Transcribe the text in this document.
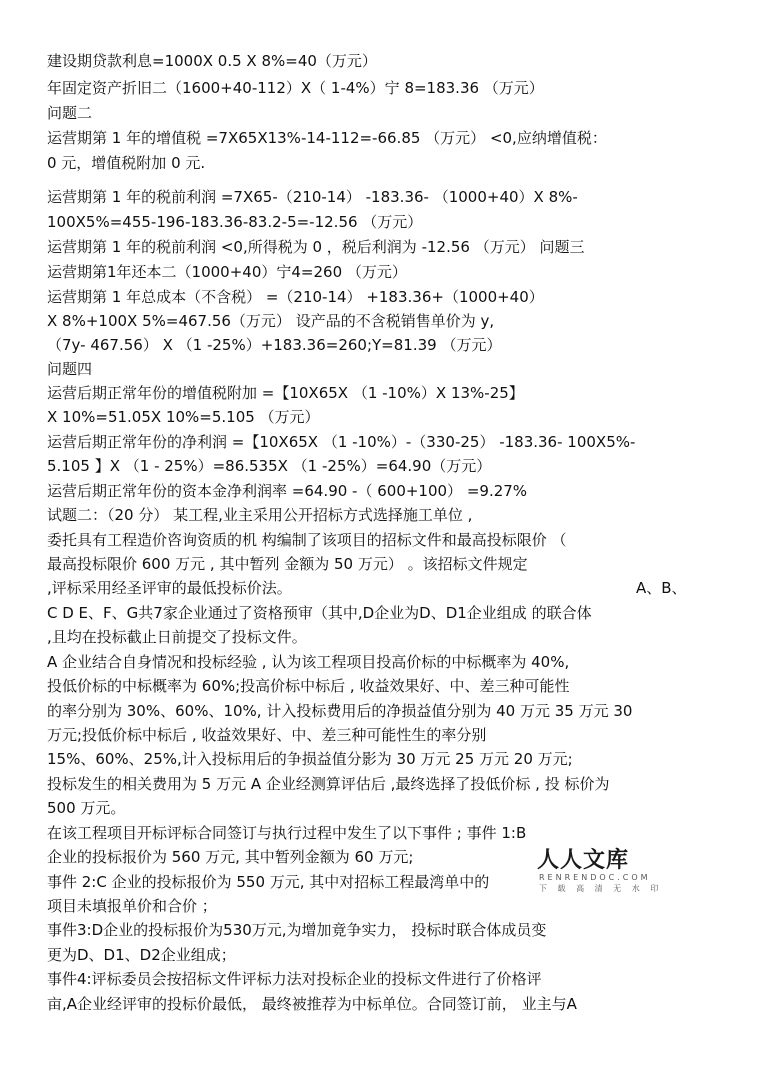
建设期贷款利息=1000X 0.5 X 8%=40（万元）
年固定资产折旧二（1600+40-112）X（ 1-4%）宁 8=183.36 （万元）
问题二
运营期第 1 年的增值税 =7X65X13%-14-112=-66.85 （万元） <0,应纳增值税：
0 元，增值税附加 0 元.
运营期第 1 年的税前利润 =7X65-（210-14） -183.36- （1000+40）X 8%-
100X5%=455-196-183.36-83.2-5=-12.56 （万元）
运营期第 1 年的税前利润 <0,所得税为 0 ，税后利润为 -12.56 （万元） 问题三
运营期第1年还本二（1000+40）宁4=260 （万元）
运营期第 1 年总成本（不含税） =（210-14） +183.36+（1000+40）
X 8%+100X 5%=467.56（万元） 设产品的不含税销售单价为 y,
（7y- 467.56） X （1 -25%）+183.36=260;Y=81.39 （万元）
问题四
运营后期正常年份的增值税附加 =【10X65X （1 -10%）X 13%-25】
X 10%=51.05X 10%=5.105 （万元）
运营后期正常年份的净利润 =【10X65X （1 -10%）-（330-25） -183.36- 100X5%-
5.105 】X （1 - 25%）=86.535X （1 -25%）=64.90（万元）
运营后期正常年份的资本金净利润率 =64.90 -（ 600+100） =9.27%
试题二：（20 分） 某工程,业主采用公开招标方式选择施工单位 ,
委托具有工程造价咨询资质的机 构编制了该项目的招标文件和最高投标限价 （
最高投标限价 600 万元 , 其中暂列 金额为 50 万元） 。该招标文件规定
,评标采用经圣评审的最低投标价法。	A、B、
C D E、F、G共7家企业通过了资格预审（其中,D企业为D、D1企业组成 的联合体
,且均在投标截止日前提交了投标文件。
A 企业结合自身情况和投标经验 , 认为该工程项目投高价标的中标概率为 40%,
投低价标的中标概率为 60%;投高价标中标后 , 收益效果好、中、差三种可能性
的率分别为 30%、60%、10%, 计入投标费用后的净损益值分别为 40 万元 35 万元 30
万元;投低价标中标后 , 收益效果好、中、差三种可能性生的率分别
15%、60%、25%,计入投标用后的争损益值分影为 30 万元 25 万元 20 万元;
投标发生的相关费用为 5 万元 A 企业经测算评估后 ,最终选择了投低价标 , 投 标价为
500 万元。
在该工程项目开标评标合同签订与执行过程中发生了以下事件 ; 事件 1:B
企业的投标报价为 560 万元, 其中暂列金额为 60 万元;
事件 2:C 企业的投标报价为 550 万元, 其中对招标工程最湾单中的
项目未填报单价和合价 ；
事件3:D企业的投标报价为530万元,为增加竟争实力， 投标时联合体成员变
更为D、D1、D2企业组成；
事件4:评标委员会按招标文件评标力法对投标企业的投标文件进行了价格评
亩,A企业经评审的投标价最低， 最终被推荐为中标单位。合同签订前， 业主与A
人人文库
RENRENDOC.COM
下 载 高 清 无 水 印
